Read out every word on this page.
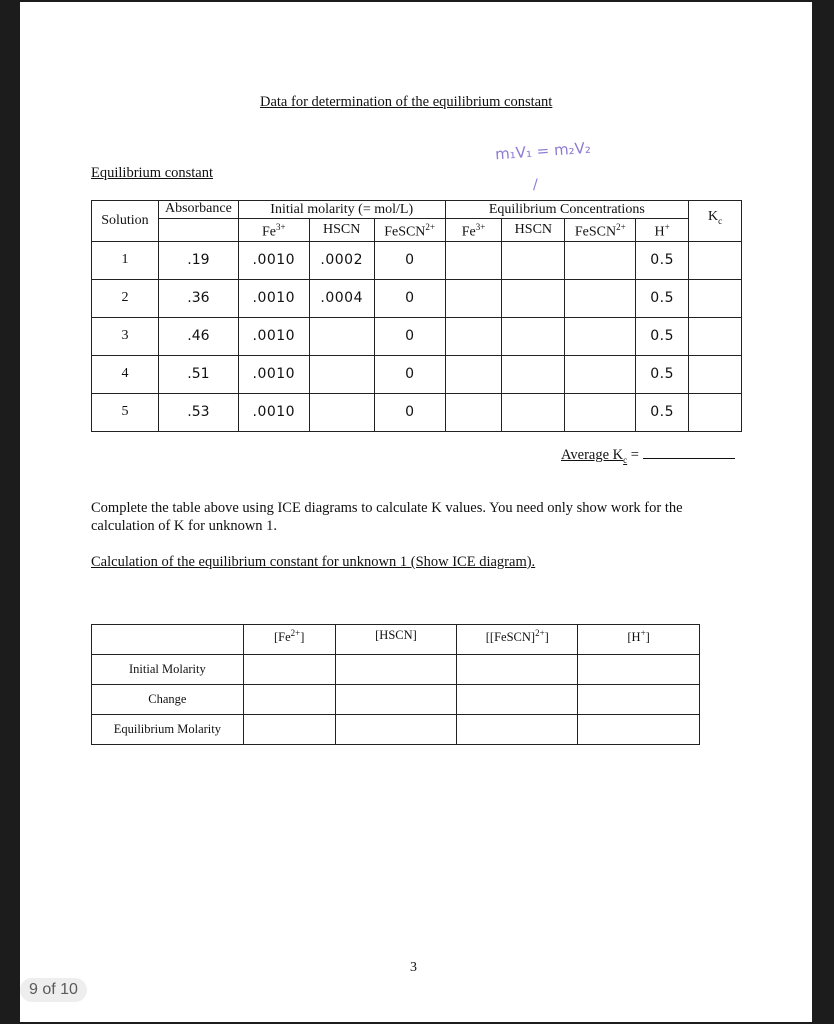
Data for determination of the equilibrium constant
m₁V₁ = m₂V₂
/
Equilibrium constant
Solution	Absorbance	Initial molarity (= mol/L)			Equilibrium Concentrations				$K_c$
		$Fe^{3+}$	HSCN	FeSCN$^{2+}$	$Fe^{3+}$	HSCN	FeSCN$^{2+}$	H+
1	.19	.0010	.0002	0				0.5	
2	.36	.0010	.0004	0				0.5	
3	.46	.0010		0				0.5	
4	.51	.0010		0				0.5	
5	.53	.0010		0				0.5	
Average $K_c$ =
Complete the table above using ICE diagrams to calculate K values. You need only show work for the calculation of K for unknown 1.
Calculation of the equilibrium constant for unknown 1 (Show ICE diagram).
	$[Fe^{2+}]$	[HSCN]	[[FeSCN]$^{2+}$]	[H+]
Initial Molarity				
Change				
Equilibrium Molarity				
3
9 of 10
